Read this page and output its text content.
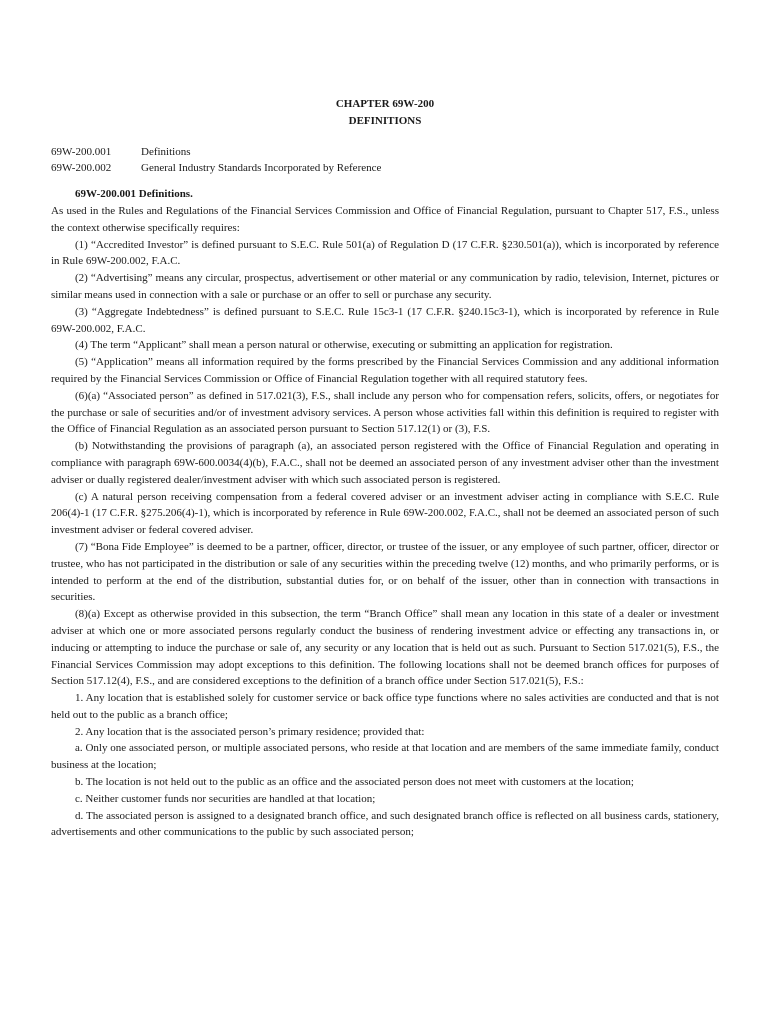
CHAPTER 69W-200
DEFINITIONS
69W-200.001	Definitions
69W-200.002	General Industry Standards Incorporated by Reference
69W-200.001 Definitions.

As used in the Rules and Regulations of the Financial Services Commission and Office of Financial Regulation, pursuant to Chapter 517, F.S., unless the context otherwise specifically requires:

(1) “Accredited Investor” is defined pursuant to S.E.C. Rule 501(a) of Regulation D (17 C.F.R. §230.501(a)), which is incorporated by reference in Rule 69W-200.002, F.A.C.

(2) “Advertising” means any circular, prospectus, advertisement or other material or any communication by radio, television, Internet, pictures or similar means used in connection with a sale or purchase or an offer to sell or purchase any security.

(3) “Aggregate Indebtedness” is defined pursuant to S.E.C. Rule 15c3-1 (17 C.F.R. §240.15c3-1), which is incorporated by reference in Rule 69W-200.002, F.A.C.

(4) The term “Applicant” shall mean a person natural or otherwise, executing or submitting an application for registration.

(5) “Application” means all information required by the forms prescribed by the Financial Services Commission and any additional information required by the Financial Services Commission or Office of Financial Regulation together with all required statutory fees.

(6)(a) “Associated person” as defined in 517.021(3), F.S., shall include any person who for compensation refers, solicits, offers, or negotiates for the purchase or sale of securities and/or of investment advisory services. A person whose activities fall within this definition is required to register with the Office of Financial Regulation as an associated person pursuant to Section 517.12(1) or (3), F.S.

(b) Notwithstanding the provisions of paragraph (a), an associated person registered with the Office of Financial Regulation and operating in compliance with paragraph 69W-600.0034(4)(b), F.A.C., shall not be deemed an associated person of any investment adviser other than the investment adviser or dually registered dealer/investment adviser with which such associated person is registered.

(c) A natural person receiving compensation from a federal covered adviser or an investment adviser acting in compliance with S.E.C. Rule 206(4)-1 (17 C.F.R. §275.206(4)-1), which is incorporated by reference in Rule 69W-200.002, F.A.C., shall not be deemed an associated person of such investment adviser or federal covered adviser.

(7) “Bona Fide Employee” is deemed to be a partner, officer, director, or trustee of the issuer, or any employee of such partner, officer, director or trustee, who has not participated in the distribution or sale of any securities within the preceding twelve (12) months, and who primarily performs, or is intended to perform at the end of the distribution, substantial duties for, or on behalf of the issuer, other than in connection with transactions in securities.

(8)(a) Except as otherwise provided in this subsection, the term “Branch Office” shall mean any location in this state of a dealer or investment adviser at which one or more associated persons regularly conduct the business of rendering investment advice or effecting any transactions in, or inducing or attempting to induce the purchase or sale of, any security or any location that is held out as such. Pursuant to Section 517.021(5), F.S., the Financial Services Commission may adopt exceptions to this definition. The following locations shall not be deemed branch offices for purposes of Section 517.12(4), F.S., and are considered exceptions to the definition of a branch office under Section 517.021(5), F.S.:

1. Any location that is established solely for customer service or back office type functions where no sales activities are conducted and that is not held out to the public as a branch office;

2. Any location that is the associated person’s primary residence; provided that:

a. Only one associated person, or multiple associated persons, who reside at that location and are members of the same immediate family, conduct business at the location;

b. The location is not held out to the public as an office and the associated person does not meet with customers at the location;

c. Neither customer funds nor securities are handled at that location;

d. The associated person is assigned to a designated branch office, and such designated branch office is reflected on all business cards, stationery, advertisements and other communications to the public by such associated person;
